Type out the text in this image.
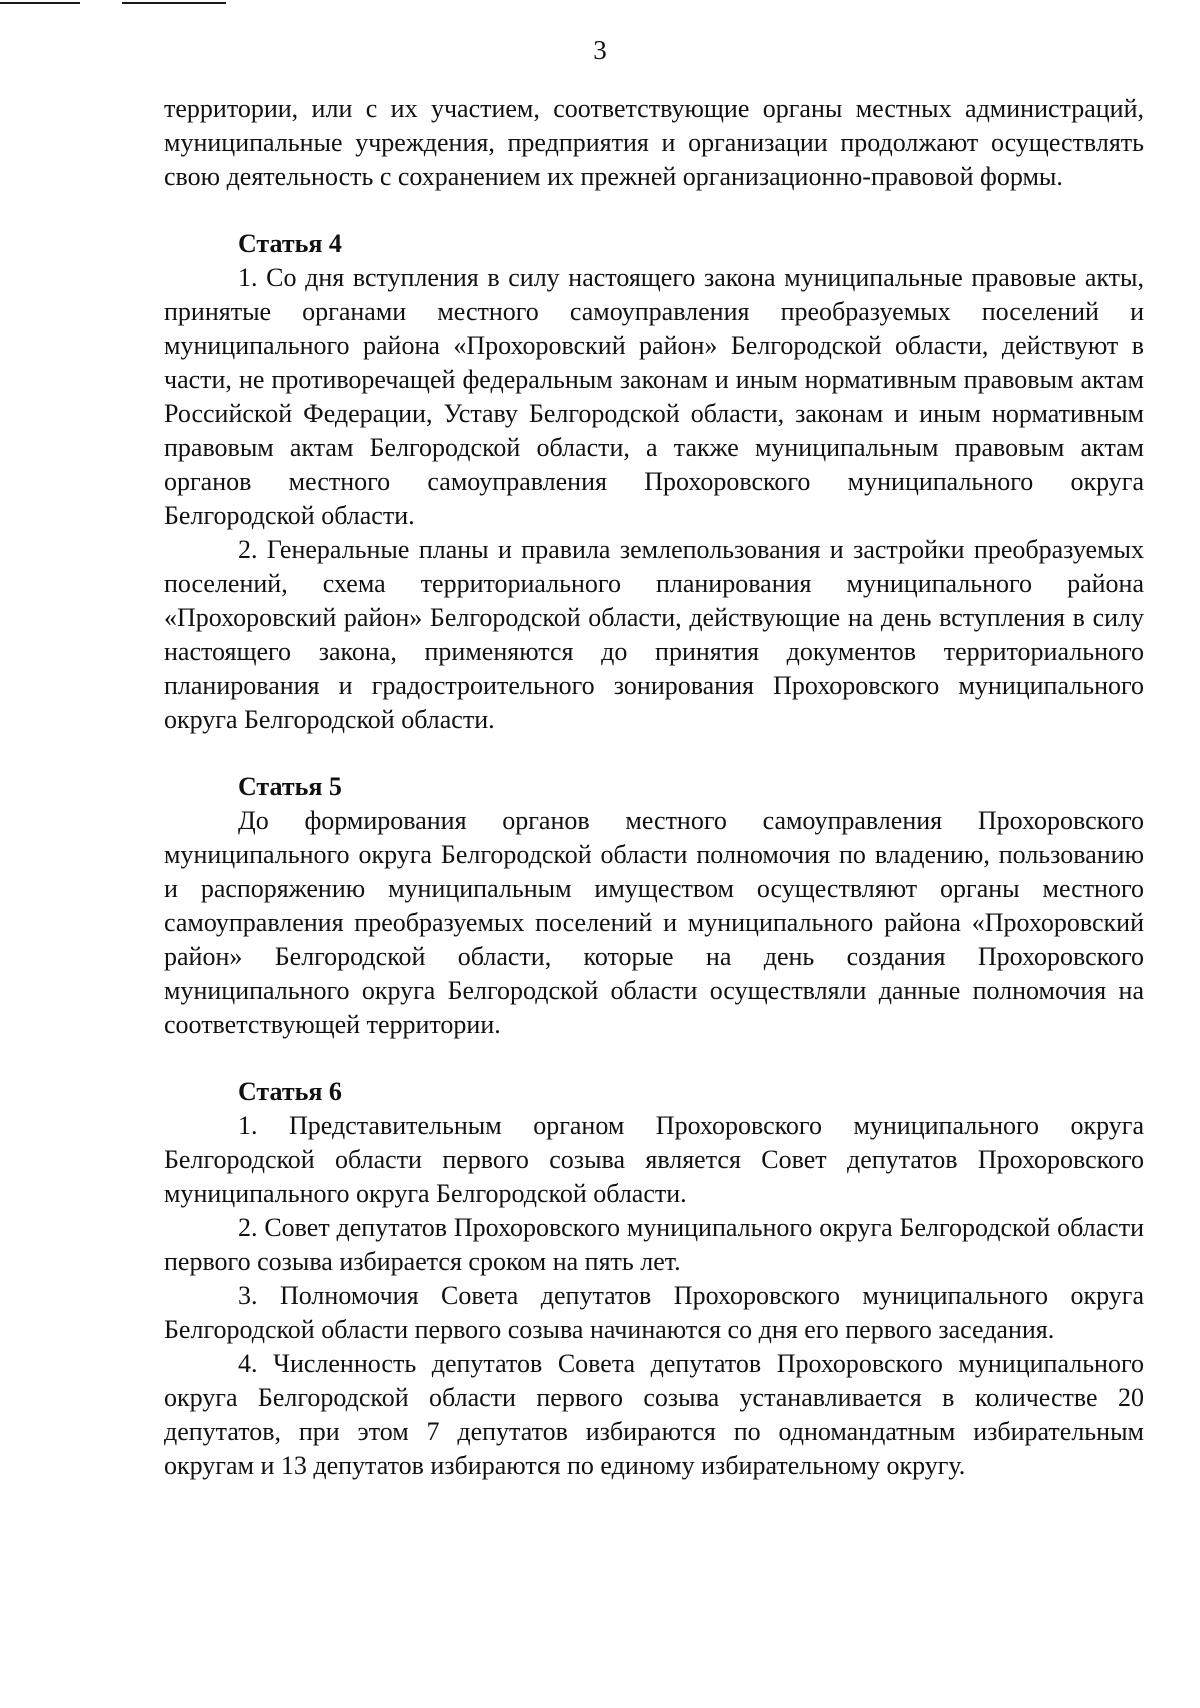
3

территории, или с их участием, соответствующие органы местных администраций, муниципальные учреждения, предприятия и организации продолжают осуществлять свою деятельность с сохранением их прежней организационно-правовой формы.

Статья 4

1. Со дня вступления в силу настоящего закона муниципальные правовые акты, принятые органами местного самоуправления преобразуемых поселений и муниципального района «Прохоровский район» Белгородской области, действуют в части, не противоречащей федеральным законам и иным нормативным правовым актам Российской Федерации, Уставу Белгородской области, законам и иным нормативным правовым актам Белгородской области, а также муниципальным правовым актам органов местного самоуправления Прохоровского муниципального округа Белгородской области.

2. Генеральные планы и правила землепользования и застройки преобразуемых поселений, схема территориального планирования муниципального района «Прохоровский район» Белгородской области, действующие на день вступления в силу настоящего закона, применяются до принятия документов территориального планирования и градостроительного зонирования Прохоровского муниципального округа Белгородской области.

Статья 5

До формирования органов местного самоуправления Прохоровского муниципального округа Белгородской области полномочия по владению, пользованию и распоряжению муниципальным имуществом осуществляют органы местного самоуправления преобразуемых поселений и муниципального района «Прохоровский район» Белгородской области, которые на день создания Прохоровского муниципального округа Белгородской области осуществляли данные полномочия на соответствующей территории.

Статья 6

1. Представительным органом Прохоровского муниципального округа Белгородской области первого созыва является Совет депутатов Прохоровского муниципального округа Белгородской области.

2. Совет депутатов Прохоровского муниципального округа Белгородской области первого созыва избирается сроком на пять лет.

3. Полномочия Совета депутатов Прохоровского муниципального округа Белгородской области первого созыва начинаются со дня его первого заседания.

4. Численность депутатов Совета депутатов Прохоровского муниципального округа Белгородской области первого созыва устанавливается в количестве 20 депутатов, при этом 7 депутатов избираются по одномандатным избирательным округам и 13 депутатов избираются по единому избирательному округу.
